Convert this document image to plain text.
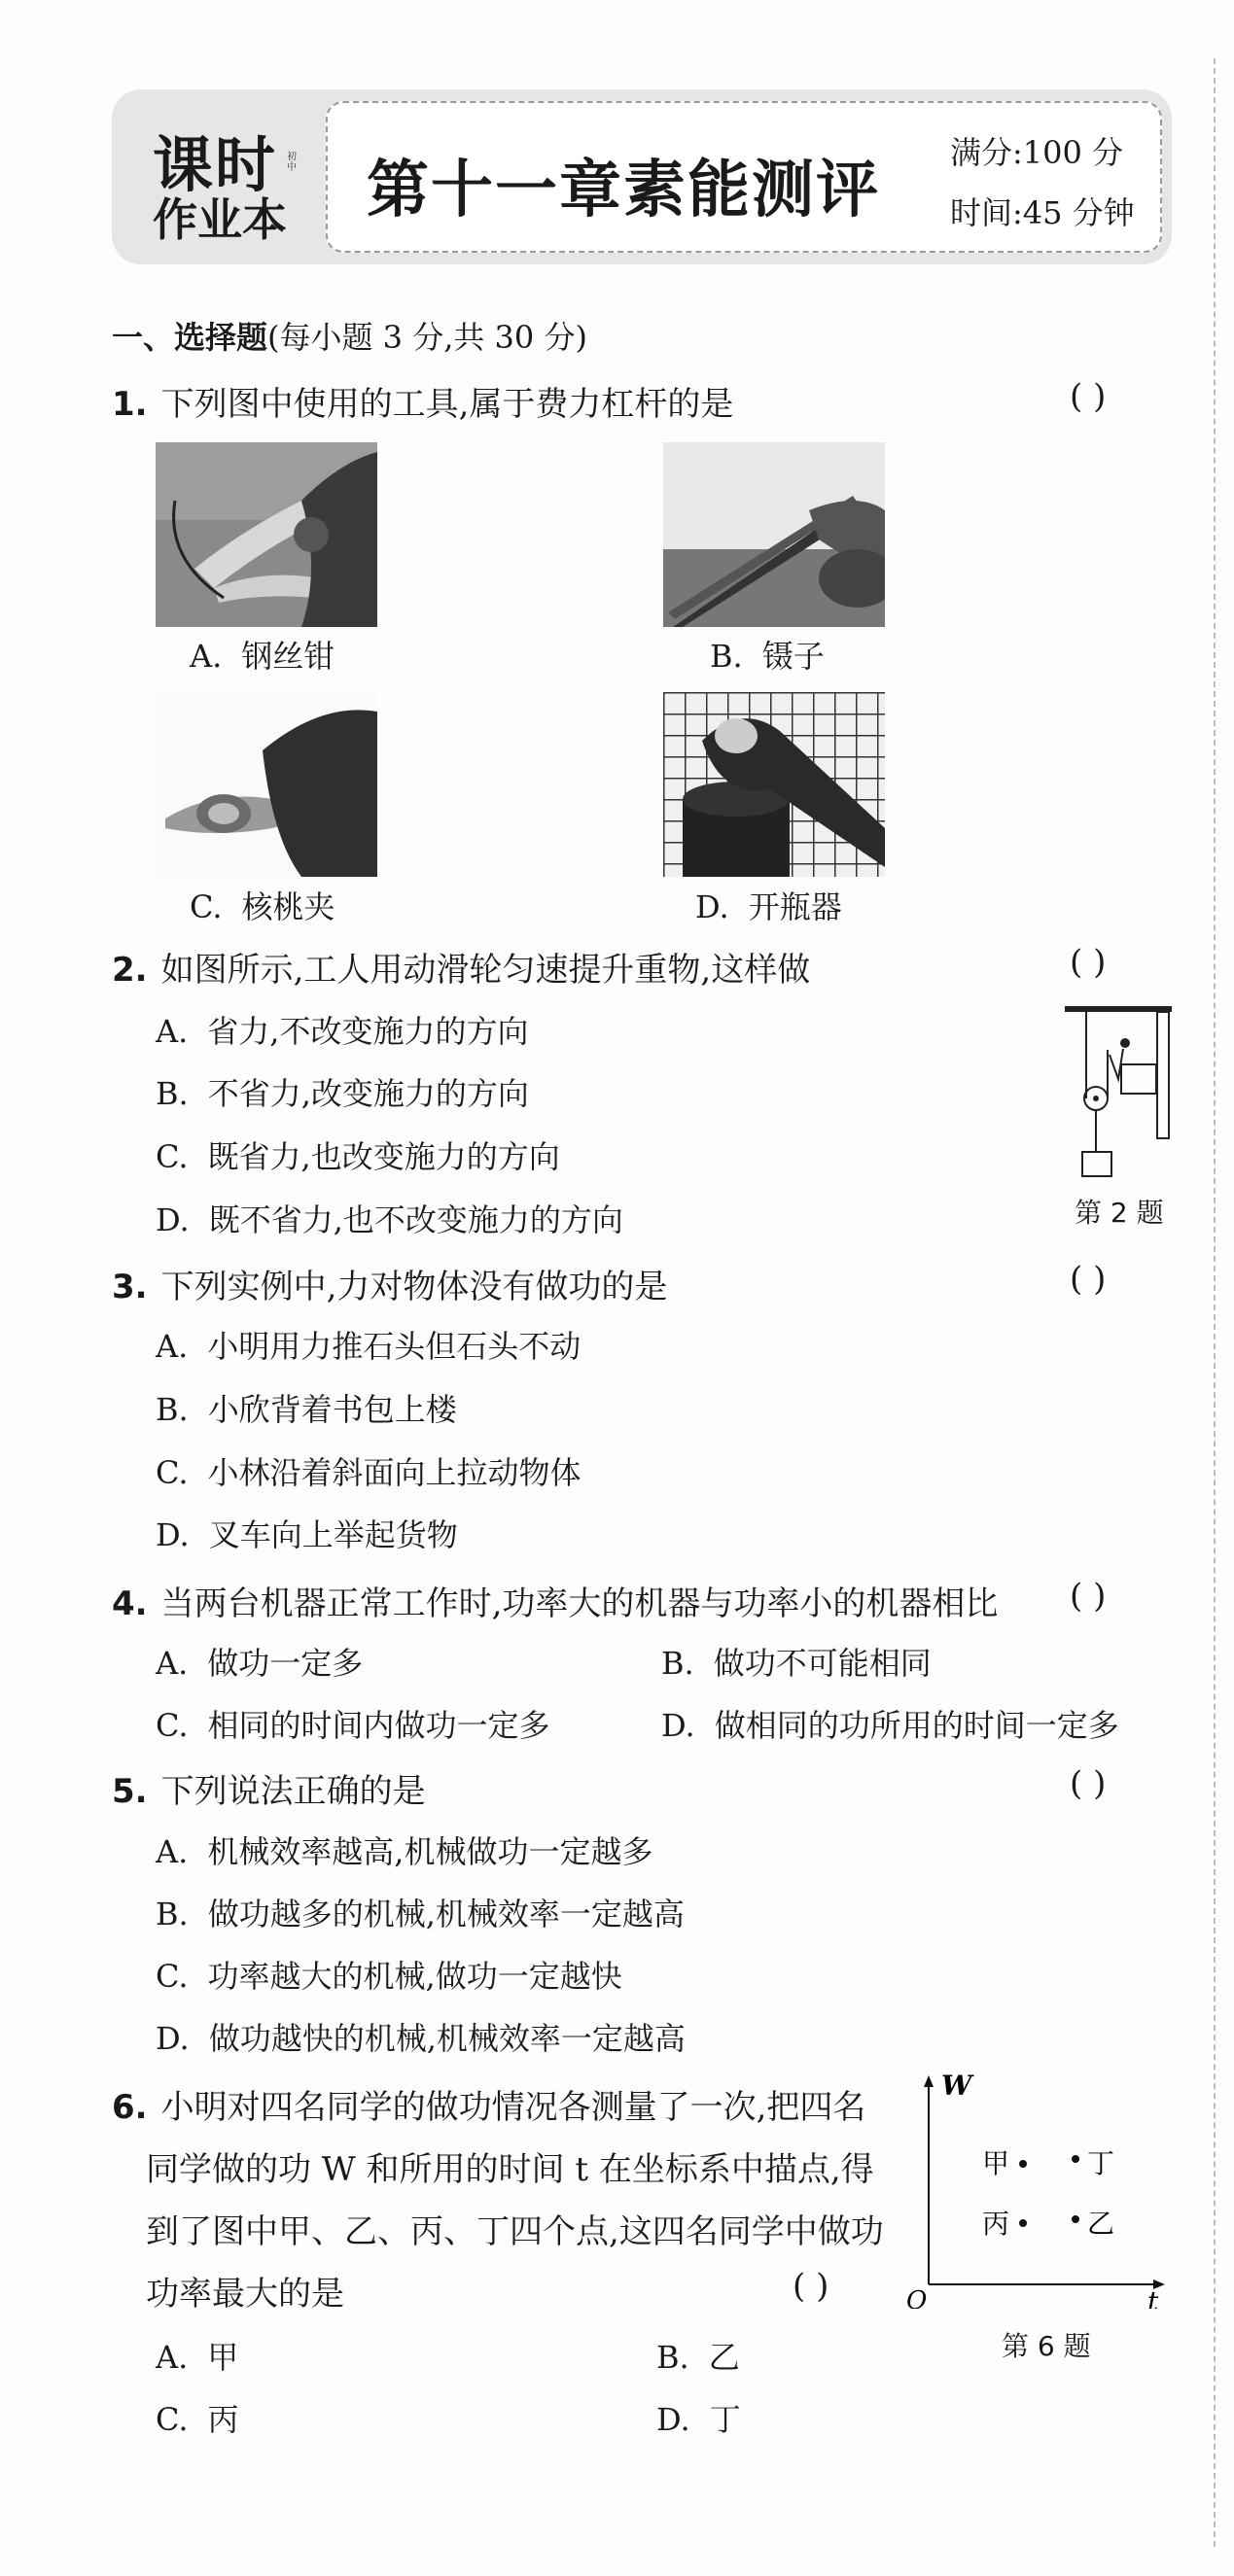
课时 初中
作业本 第十一章素能测评
满分:100 分
时间:45 分钟
一、选择题(每小题 3 分,共 30 分)
1. 下列图中使用的工具,属于费力杠杆的是	( )
A. 钢丝钳	B. 镊子
C. 核桃夹	D. 开瓶器
2. 如图所示,工人用动滑轮匀速提升重物,这样做	( )
A. 省力,不改变施力的方向
B. 不省力,改变施力的方向
C. 既省力,也改变施力的方向
D. 既不省力,也不改变施力的方向	第 2 题
3. 下列实例中,力对物体没有做功的是	( )
A. 小明用力推石头但石头不动
B. 小欣背着书包上楼
C. 小林沿着斜面向上拉动物体
D. 叉车向上举起货物
4. 当两台机器正常工作时,功率大的机器与功率小的机器相比 ( )
A. 做功一定多	B. 做功不可能相同
C. 相同的时间内做功一定多	D. 做相同的功所用的时间一定多
5. 下列说法正确的是	( )
A. 机械效率越高,机械做功一定越多
B. 做功越多的机械,机械效率一定越高
C. 功率越大的机械,做功一定越快
D. 做功越快的机械,机械效率一定越高
6. 小明对四名同学的做功情况各测量了一次,把四名
同学做的功 W 和所用的时间 t 在坐标系中描点,得
到了图中甲、乙、丙、丁四个点,这四名同学中做功
功率最大的是	( )
A. 甲	B. 乙
C. 丙	D. 丁
W
t
O
甲	丁
丙	乙
第 6 题
